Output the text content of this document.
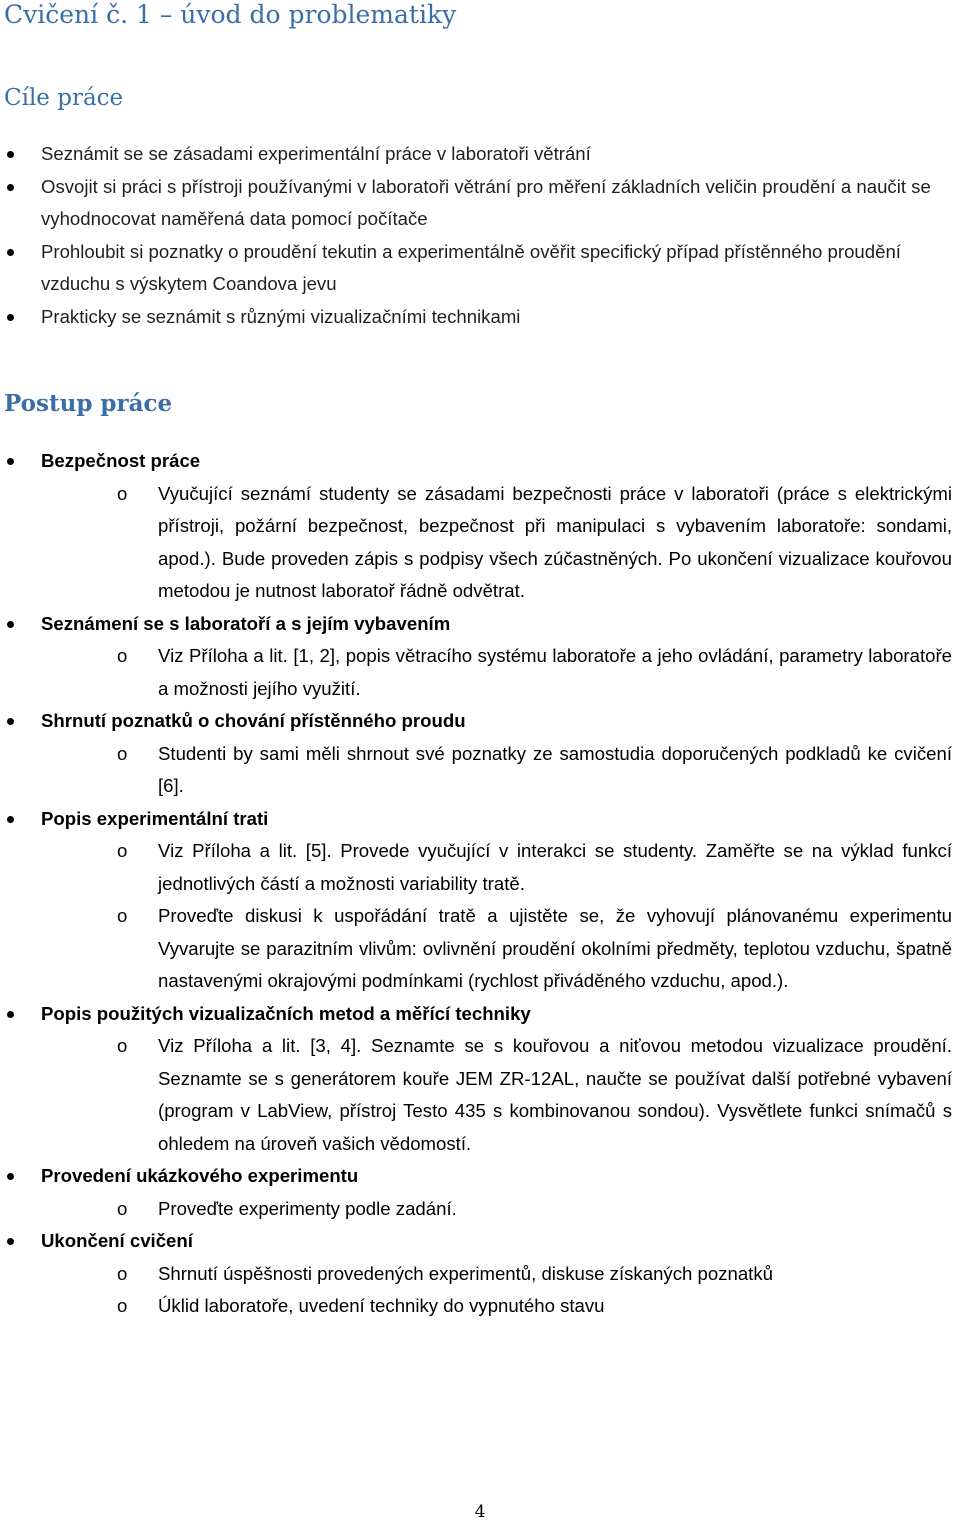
Cvičení č. 1 – úvod do problematiky
Cíle práce
Seznámit se se zásadami experimentální práce v laboratoři větrání
Osvojit si práci s přístroji používanými v laboratoři větrání pro měření základních veličin proudění a naučit se vyhodnocovat naměřená data pomocí počítače
Prohloubit si poznatky o proudění tekutin a experimentálně ověřit specifický případ přístěnného proudění vzduchu s výskytem Coandova jevu
Prakticky se seznámit s různými vizualizačními technikami
Postup práce
Bezpečnost práce
o Vyučující seznámí studenty se zásadami bezpečnosti práce v laboratoři (práce s elektrickými přístroji, požární bezpečnost, bezpečnost při manipulaci s vybavením laboratoře: sondami, apod.). Bude proveden zápis s podpisy všech zúčastněných. Po ukončení vizualizace kouřovou metodou je nutnost laboratoř řádně odvětrat.
Seznámení se s laboratoří a s jejím vybavením
o Viz Příloha a lit. [1, 2], popis větracího systému laboratoře a jeho ovládání, parametry laboratoře a možnosti jejího využití.
Shrnutí poznatků o chování přístěnného proudu
o Studenti by sami měli shrnout své poznatky ze samostudia doporučených podkladů ke cvičení [6].
Popis experimentální trati
o Viz Příloha a lit. [5]. Provede vyučující v interakci se studenty. Zaměřte se na výklad funkcí jednotlivých částí a možnosti variability tratě.
o Proveďte diskusi k uspořádání tratě a ujistěte se, že vyhovují plánovanému experimentu Vyvarujte se parazitním vlivům: ovlivnění proudění okolními předměty, teplotou vzduchu, špatně nastavenými okrajovými podmínkami (rychlost přiváděného vzduchu, apod.).
Popis použitých vizualizačních metod a měřící techniky
o Viz Příloha a lit. [3, 4]. Seznamte se s kouřovou a niťovou metodou vizualizace proudění. Seznamte se s generátorem kouře JEM ZR-12AL, naučte se používat další potřebné vybavení (program v LabView, přístroj Testo 435 s kombinovanou sondou). Vysvětlete funkci snímačů s ohledem na úroveň vašich vědomostí.
Provedení ukázkového experimentu
o Proveďte experimenty podle zadání.
Ukončení cvičení
o Shrnutí úspěšnosti provedených experimentů, diskuse získaných poznatků
o Úklid laboratoře, uvedení techniky do vypnutého stavu
4
